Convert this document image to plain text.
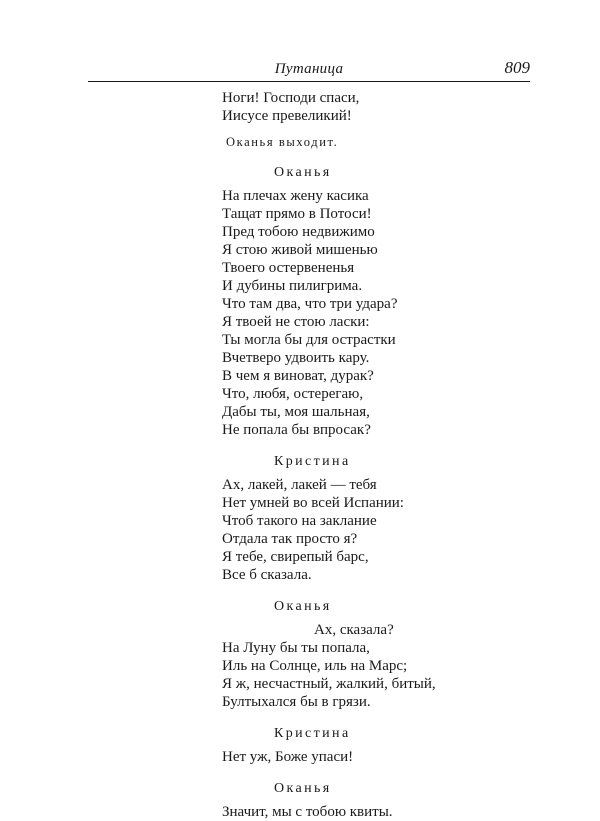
Путаница	809
Ноги! Господи спаси,
Иисусе превеликий!
Оканья выходит.
Оканья
На плечах жену касика
Тащат прямо в Потоси!
Пред тобою недвижимо
Я стою живой мишенью
Твоего остервененья
И дубины пилигрима.
Что там два, что три удара?
Я твоей не стою ласки:
Ты могла бы для острастки
Вчетверо удвоить кару.
В чем я виноват, дурак?
Что, любя, остерегаю,
Дабы ты, моя шальная,
Не попала бы впросак?
Кристина
Ах, лакей, лакей — тебя
Нет умней во всей Испании:
Чтоб такого на заклание
Отдала так просто я?
Я тебе, свирепый барс,
Все б сказала.
Оканья
Ах, сказала?
На Луну бы ты попала,
Иль на Солнце, иль на Марс;
Я ж, несчастный, жалкий, битый,
Бултыхался бы в грязи.
Кристина
Нет уж, Боже упаси!
Оканья
Значит, мы с тобою квиты.
